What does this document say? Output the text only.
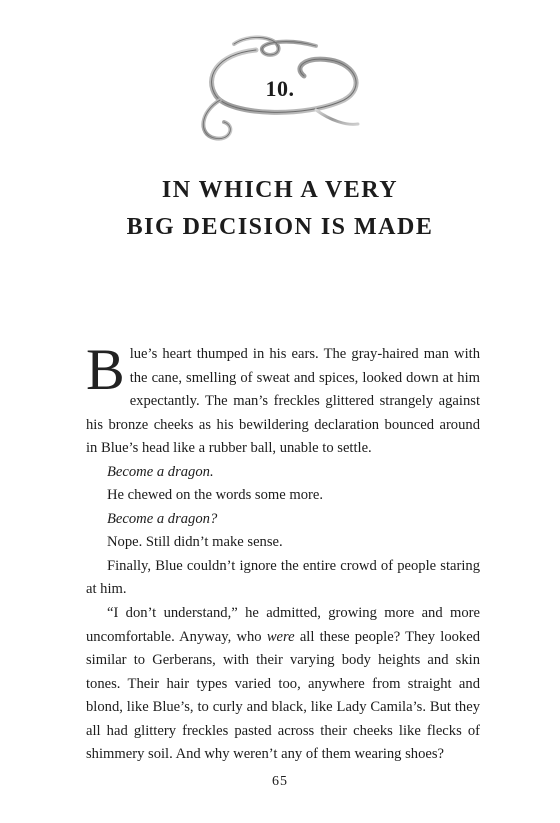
10.
IN WHICH A VERY
BIG DECISION IS MADE

Blue’s heart thumped in his ears. The gray-haired man with the cane, smelling of sweat and spices, looked down at him expectantly. The man’s freckles glittered strangely against his bronze cheeks as his bewildering declaration bounced around in Blue’s head like a rubber ball, unable to settle.

Become a dragon.

He chewed on the words some more.

Become a dragon?

Nope. Still didn’t make sense.

Finally, Blue couldn’t ignore the entire crowd of people staring at him.

“I don’t understand,” he admitted, growing more and more uncomfortable. Anyway, who were all these people? They looked similar to Gerberans, with their varying body heights and skin tones. Their hair types varied too, anywhere from straight and blond, like Blue’s, to curly and black, like Lady Camila’s. But they all had glittery freckles pasted across their cheeks like flecks of shimmery soil. And why weren’t any of them wearing shoes?

65
